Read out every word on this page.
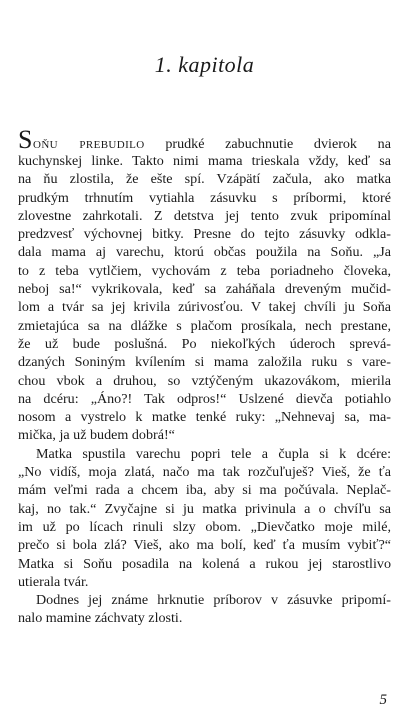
1. kapitola
Soňu prebudilo prudké zabuchnutie dvierok na
kuchynskej linke. Takto nimi mama trieskala vždy, keď sa
na ňu zlostila, že ešte spí. Vzápätí začula, ako matka
prudkým trhnutím vytiahla zásuvku s príbormi, ktoré
zlovestne zahrkotali. Z detstva jej tento zvuk pripomínal
predzvesť výchovnej bitky. Presne do tejto zásuvky odkla-
dala mama aj varechu, ktorú občas použila na Soňu. „Ja
to z teba vytlčiem, vychovám z teba poriadneho človeka,
neboj sa!“ vykrikovala, keď sa zaháňala dreveným mučid-
lom a tvár sa jej krivila zúrivosťou. V takej chvíli ju Soňa
zmietajúca sa na dlážke s plačom prosíkala, nech prestane,
že už bude poslušná. Po niekoľkých úderoch sprevá-
dzaných Soniným kvílením si mama založila ruku s vare-
chou vbok a druhou, so vztýčeným ukazovákom, mierila
na dcéru: „Áno?! Tak odpros!“ Uslzené dievča potiahlo
nosom a vystrelo k matke tenké ruky: „Nehnevaj sa, ma-
mička, ja už budem dobrá!“
Matka spustila varechu popri tele a čupla si k dcére:
„No vidíš, moja zlatá, načo ma tak rozčuľuješ? Vieš, že ťa
mám veľmi rada a chcem iba, aby si ma počúvala. Neplač-
kaj, no tak.“ Zvyčajne si ju matka privinula a o chvíľu sa
im už po lícach rinuli slzy obom. „Dievčatko moje milé,
prečo si bola zlá? Vieš, ako ma bolí, keď ťa musím vybiť?“
Matka si Soňu posadila na kolená a rukou jej starostlivo
utierala tvár.
Dodnes jej známe hrknutie príborov v zásuvke pripomí-
nalo mamine záchvaty zlosti.
5
